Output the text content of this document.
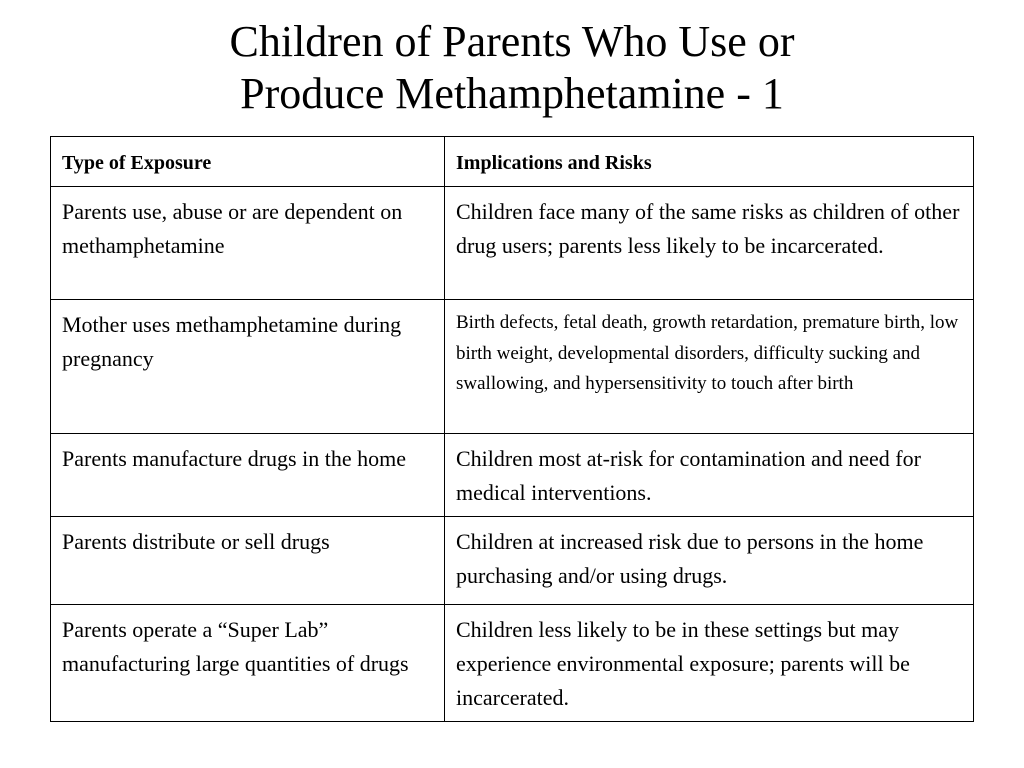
Children of Parents Who Use or
Produce Methamphetamine - 1
Type of Exposure	Implications and Risks
Parents use, abuse or are dependent on methamphetamine	Children face many of the same risks as children of other drug users; parents less likely to be incarcerated.
Mother uses methamphetamine during pregnancy	Birth defects, fetal death, growth retardation, premature birth, low birth weight, developmental disorders, difficulty sucking and swallowing, and hypersensitivity to touch after birth
Parents manufacture drugs in the home	Children most at-risk for contamination and need for medical interventions.
Parents distribute or sell drugs	Children at increased risk due to persons in the home purchasing and/or using drugs.
Parents operate a “Super Lab” manufacturing large quantities of drugs	Children less likely to be in these settings but may experience environmental exposure; parents will be incarcerated.
